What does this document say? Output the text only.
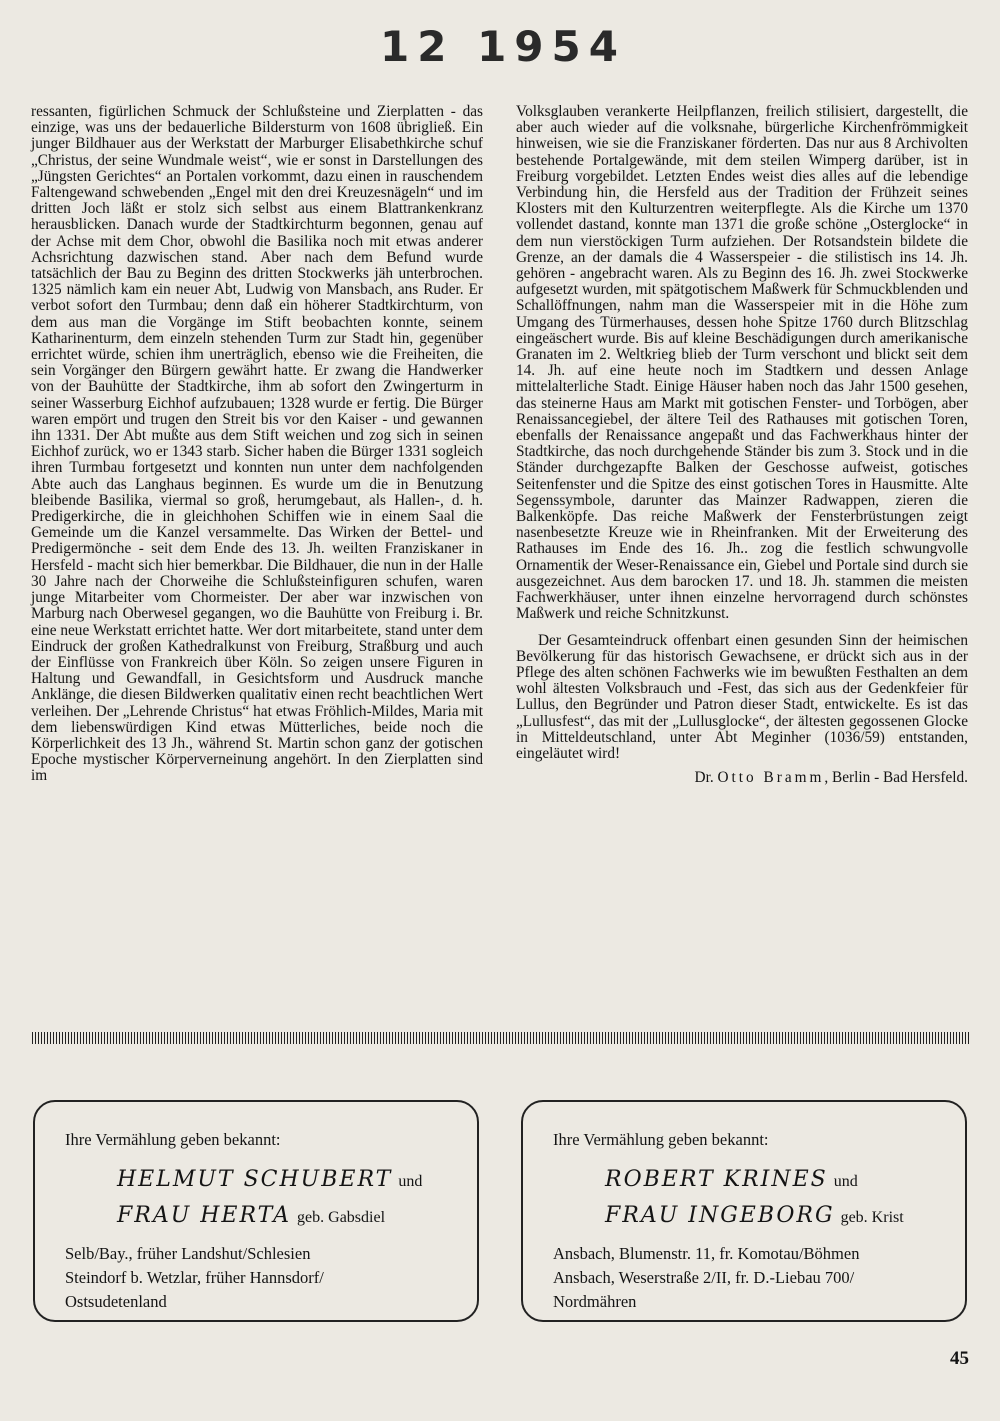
12 1954

ressanten, figürlichen Schmuck der Schlußsteine und Zierplatten - das einzige, was uns der bedauerliche Bildersturm von 1608 übrigließ. Ein junger Bildhauer aus der Werkstatt der Marburger Elisabethkirche schuf „Christus, der seine Wundmale weist“, wie er sonst in Darstellungen des „Jüngsten Gerichtes“ an Portalen vorkommt, dazu einen in rauschendem Faltengewand schwebenden „Engel mit den drei Kreuzesnägeln“ und im dritten Joch läßt er stolz sich selbst aus einem Blattrankenkranz herausblicken. Danach wurde der Stadtkirchturm begonnen, genau auf der Achse mit dem Chor, obwohl die Basilika noch mit etwas anderer Achsrichtung dazwischen stand. Aber nach dem Befund wurde tatsächlich der Bau zu Beginn des dritten Stockwerks jäh unterbrochen. 1325 nämlich kam ein neuer Abt, Ludwig von Mansbach, ans Ruder. Er verbot sofort den Turmbau; denn daß ein höherer Stadtkirchturm, von dem aus man die Vorgänge im Stift beobachten konnte, seinem Katharinenturm, dem einzeln stehenden Turm zur Stadt hin, gegenüber errichtet würde, schien ihm unerträglich, ebenso wie die Freiheiten, die sein Vorgänger den Bürgern gewährt hatte. Er zwang die Handwerker von der Bauhütte der Stadtkirche, ihm ab sofort den Zwingerturm in seiner Wasserburg Eichhof aufzubauen; 1328 wurde er fertig. Die Bürger waren empört und trugen den Streit bis vor den Kaiser - und gewannen ihn 1331. Der Abt mußte aus dem Stift weichen und zog sich in seinen Eichhof zurück, wo er 1343 starb. Sicher haben die Bürger 1331 sogleich ihren Turmbau fortgesetzt und konnten nun unter dem nachfolgenden Abte auch das Langhaus beginnen. Es wurde um die in Benutzung bleibende Basilika, viermal so groß, herumgebaut, als Hallen-, d. h. Predigerkirche, die in gleichhohen Schiffen wie in einem Saal die Gemeinde um die Kanzel versammelte. Das Wirken der Bettel- und Predigermönche - seit dem Ende des 13. Jh. weilten Franziskaner in Hersfeld - macht sich hier bemerkbar. Die Bildhauer, die nun in der Halle 30 Jahre nach der Chorweihe die Schlußsteinfiguren schufen, waren junge Mitarbeiter vom Chormeister. Der aber war inzwischen von Marburg nach Oberwesel gegangen, wo die Bauhütte von Freiburg i. Br. eine neue Werkstatt errichtet hatte. Wer dort mitarbeitete, stand unter dem Eindruck der großen Kathedralkunst von Freiburg, Straßburg und auch der Einflüsse von Frankreich über Köln. So zeigen unsere Figuren in Haltung und Gewandfall, in Gesichtsform und Ausdruck manche Anklänge, die diesen Bildwerken qualitativ einen recht beachtlichen Wert verleihen. Der „Lehrende Christus“ hat etwas Fröhlich-Mildes, Maria mit dem liebenswürdigen Kind etwas Mütterliches, beide noch die Körperlichkeit des 13 Jh., während St. Martin schon ganz der gotischen Epoche mystischer Körperverneinung angehört. In den Zierplatten sind im

Volksglauben verankerte Heilpflanzen, freilich stilisiert, dargestellt, die aber auch wieder auf die volksnahe, bürgerliche Kirchenfrömmigkeit hinweisen, wie sie die Franziskaner förderten. Das nur aus 8 Archivolten bestehende Portalgewände, mit dem steilen Wimperg darüber, ist in Freiburg vorgebildet. Letzten Endes weist dies alles auf die lebendige Verbindung hin, die Hersfeld aus der Tradition der Frühzeit seines Klosters mit den Kulturzentren weiterpflegte. Als die Kirche um 1370 vollendet dastand, konnte man 1371 die große schöne „Osterglocke“ in dem nun vierstöckigen Turm aufziehen. Der Rotsandstein bildete die Grenze, an der damals die 4 Wasserspeier - die stilistisch ins 14. Jh. gehören - angebracht waren. Als zu Beginn des 16. Jh. zwei Stockwerke aufgesetzt wurden, mit spätgotischem Maßwerk für Schmuckblenden und Schallöffnungen, nahm man die Wasserspeier mit in die Höhe zum Umgang des Türmerhauses, dessen hohe Spitze 1760 durch Blitzschlag eingeäschert wurde. Bis auf kleine Beschädigungen durch amerikanische Granaten im 2. Weltkrieg blieb der Turm verschont und blickt seit dem 14. Jh. auf eine heute noch im Stadtkern und dessen Anlage mittelalterliche Stadt. Einige Häuser haben noch das Jahr 1500 gesehen, das steinerne Haus am Markt mit gotischen Fenster- und Torbögen, aber Renaissancegiebel, der ältere Teil des Rathauses mit gotischen Toren, ebenfalls der Renaissance angepaßt und das Fachwerkhaus hinter der Stadtkirche, das noch durchgehende Ständer bis zum 3. Stock und in die Ständer durchgezapfte Balken der Geschosse aufweist, gotisches Seitenfenster und die Spitze des einst gotischen Tores in Hausmitte. Alte Segenssymbole, darunter das Mainzer Radwappen, zieren die Balkenköpfe. Das reiche Maßwerk der Fensterbrüstungen zeigt nasenbesetzte Kreuze wie in Rheinfranken. Mit der Erweiterung des Rathauses im Ende des 16. Jh.. zog die festlich schwungvolle Ornamentik der Weser-Renaissance ein, Giebel und Portale sind durch sie ausgezeichnet. Aus dem barocken 17. und 18. Jh. stammen die meisten Fachwerkhäuser, unter ihnen einzelne hervorragend durch schönstes Maßwerk und reiche Schnitzkunst.

Der Gesamteindruck offenbart einen gesunden Sinn der heimischen Bevölkerung für das historisch Gewachsene, er drückt sich aus in der Pflege des alten schönen Fachwerks wie im bewußten Festhalten an dem wohl ältesten Volksbrauch und -Fest, das sich aus der Gedenkfeier für Lullus, den Begründer und Patron dieser Stadt, entwickelte. Es ist das „Lullusfest“, das mit der „Lullusglocke“, der ältesten gegossenen Glocke in Mitteldeutschland, unter Abt Meginher (1036/59) entstanden, eingeläutet wird!

Dr. Otto Bramm, Berlin - Bad Hersfeld.
Ihre Vermählung geben bekannt:
HELMUT SCHUBERT und
FRAU HERTA geb. Gabsdiel
Selb/Bay., früher Landshut/Schlesien
Steindorf b. Wetzlar, früher Hannsdorf/
Ostsudetenland
Ihre Vermählung geben bekannt:
ROBERT KRINES und
FRAU INGEBORG geb. Krist
Ansbach, Blumenstr. 11, fr. Komotau/Böhmen
Ansbach, Weserstraße 2/II, fr. D.-Liebau 700/
Nordmähren
45
